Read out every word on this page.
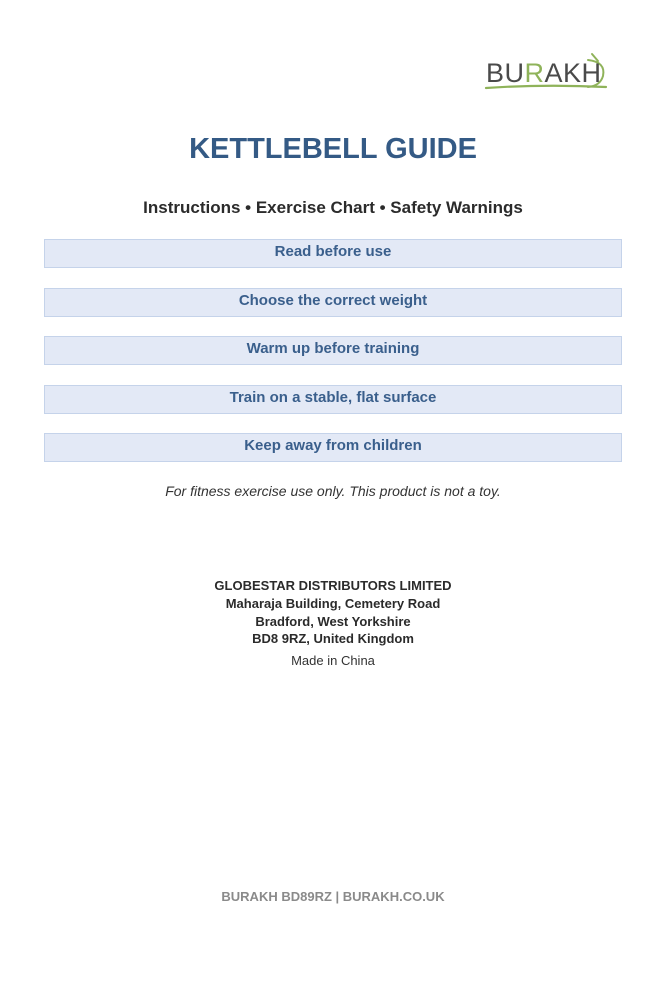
BURAKH
KETTLEBELL GUIDE
Instructions • Exercise Chart • Safety Warnings
Read before use
Choose the correct weight
Warm up before training
Train on a stable, flat surface
Keep away from children
For fitness exercise use only. This product is not a toy.
GLOBESTAR DISTRIBUTORS LIMITED
Maharaja Building, Cemetery Road
Bradford, West Yorkshire
BD8 9RZ, United Kingdom
Made in China
BURAKH BD89RZ | BURAKH.CO.UK
